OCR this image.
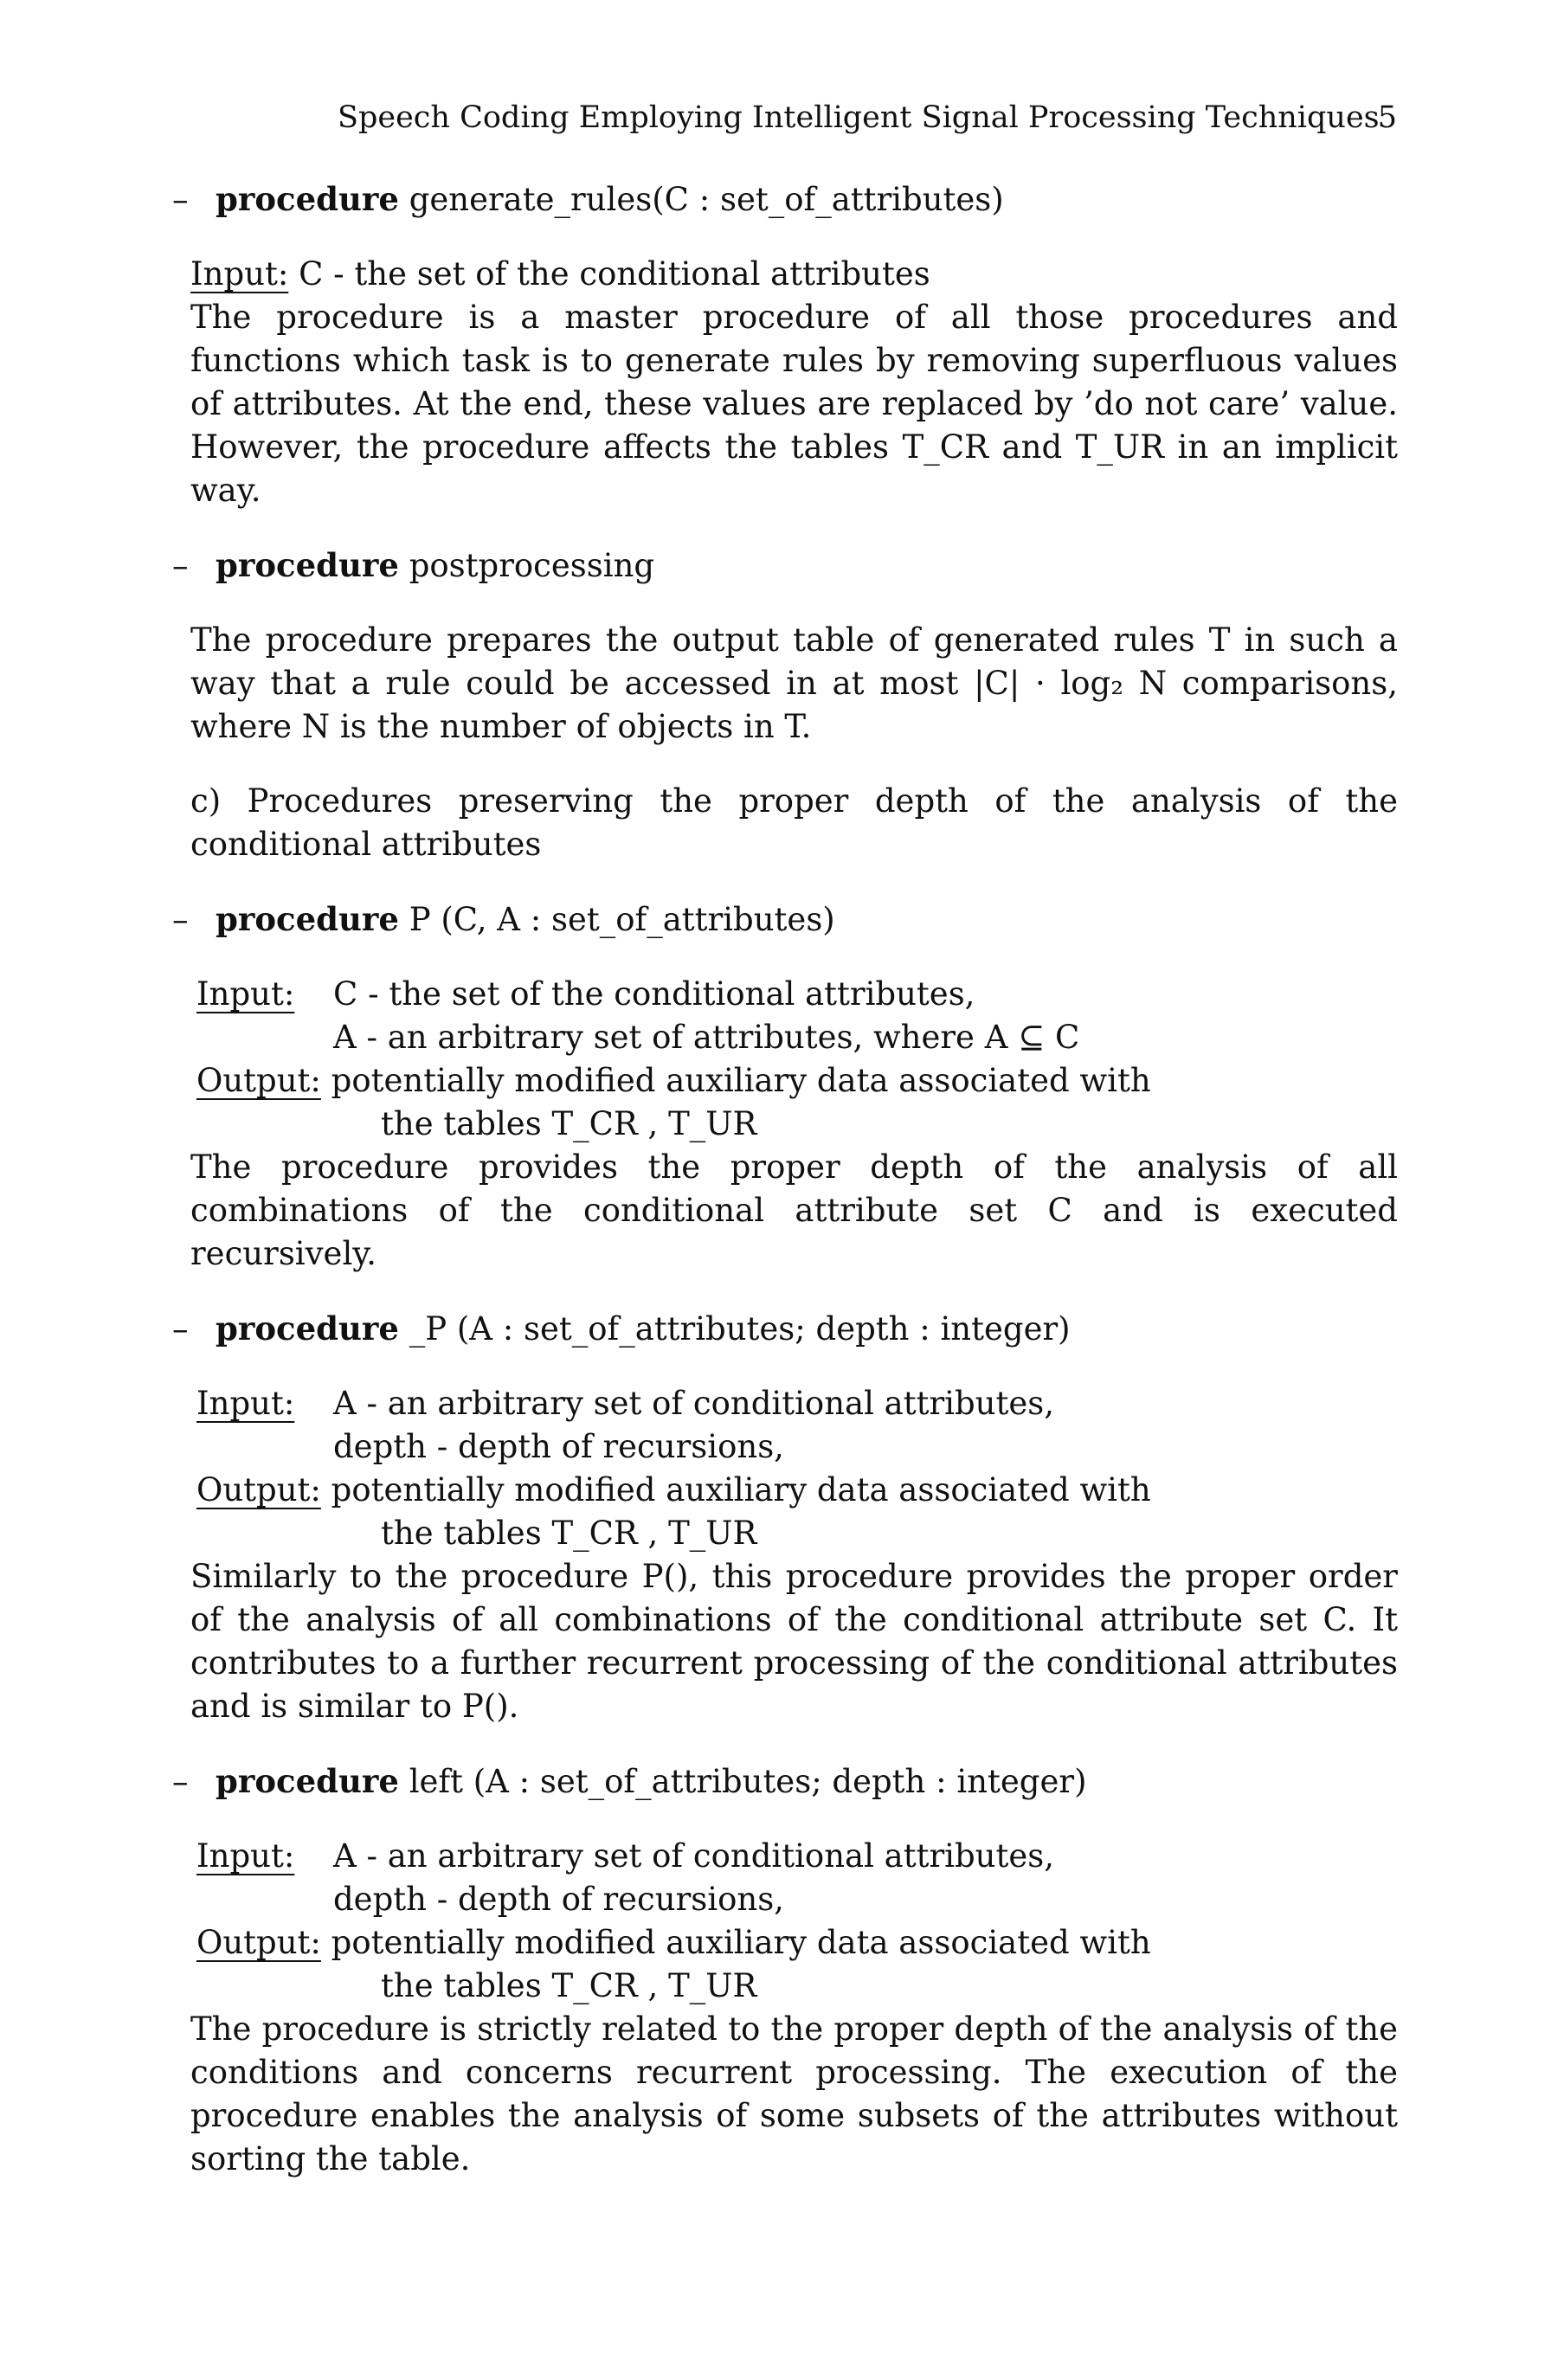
Speech Coding Employing Intelligent Signal Processing Techniques
5
– procedure generate_rules(C : set_of_attributes)
Input: C - the set of the conditional attributes
The procedure is a master procedure of all those procedures and functions which task is to generate rules by removing superfluous values of attributes. At the end, these values are replaced by ’do not care’ value. However, the procedure affects the tables T_CR and T_UR in an implicit way.
– procedure postprocessing
The procedure prepares the output table of generated rules T in such a way that a rule could be accessed in at most |C| · log₂ N comparisons, where N is the number of objects in T.
c) Procedures preserving the proper depth of the analysis of the conditional attributes
– procedure P (C, A : set_of_attributes)
Input: C - the set of the conditional attributes,
A - an arbitrary set of attributes, where A ⊆ C
Output: potentially modified auxiliary data associated with
the tables T_CR , T_UR
The procedure provides the proper depth of the analysis of all combinations of the conditional attribute set C and is executed recursively.
– procedure _P (A : set_of_attributes; depth : integer)
Input: A - an arbitrary set of conditional attributes,
depth - depth of recursions,
Output: potentially modified auxiliary data associated with
the tables T_CR , T_UR
Similarly to the procedure P(), this procedure provides the proper order of the analysis of all combinations of the conditional attribute set C. It contributes to a further recurrent processing of the conditional attributes and is similar to P().
– procedure left (A : set_of_attributes; depth : integer)
Input: A - an arbitrary set of conditional attributes,
depth - depth of recursions,
Output: potentially modified auxiliary data associated with
the tables T_CR , T_UR
The procedure is strictly related to the proper depth of the analysis of the conditions and concerns recurrent processing. The execution of the procedure enables the analysis of some subsets of the attributes without sorting the table.
